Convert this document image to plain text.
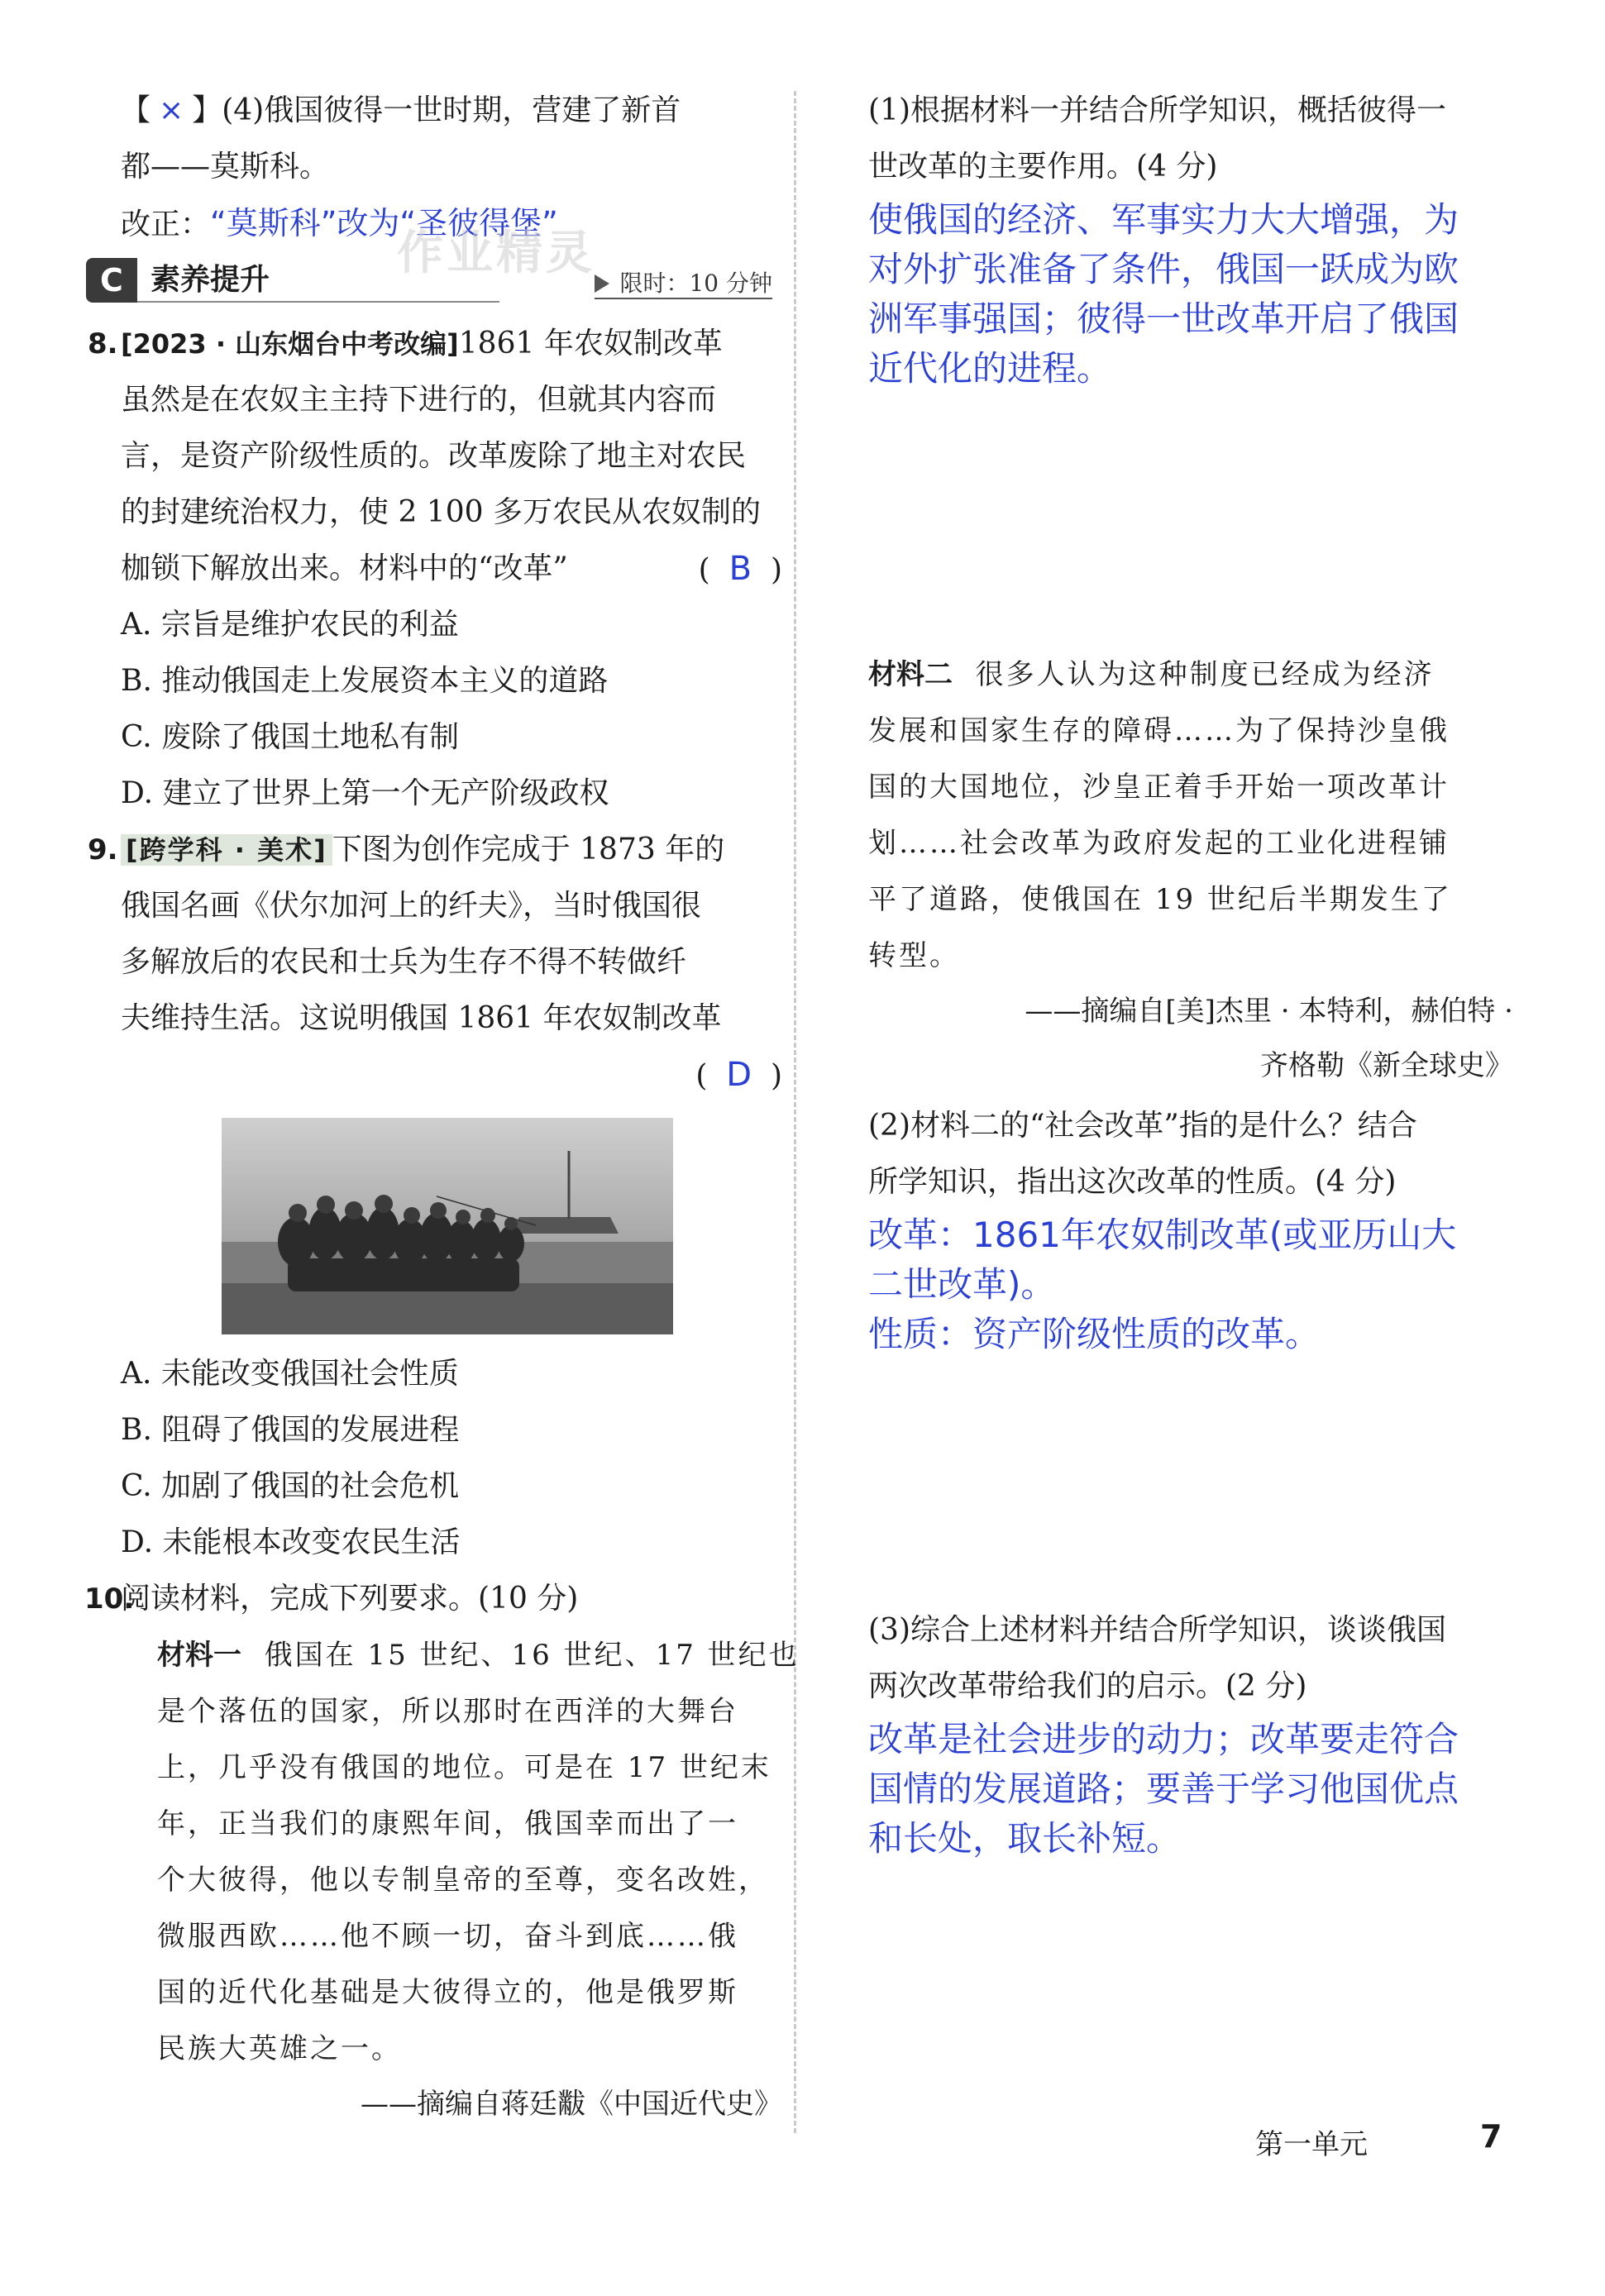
【 × 】(4)俄国彼得一世时期，营建了新首
都——莫斯科。
改正：“莫斯科”改为“圣彼得堡”
作业精灵
C 素养提升	限时：10 分钟
8. [2023 · 山东烟台中考改编]1861 年农奴制改革
虽然是在农奴主主持下进行的，但就其内容而
言，是资产阶级性质的。改革废除了地主对农民
的封建统治权力，使 2 100 多万农民从农奴制的
枷锁下解放出来。材料中的“改革”	(  B  )
A. 宗旨是维护农民的利益
B. 推动俄国走上发展资本主义的道路
C. 废除了俄国土地私有制
D. 建立了世界上第一个无产阶级政权
9. [跨学科 · 美术] 下图为创作完成于 1873 年的
俄国名画《伏尔加河上的纤夫》，当时俄国很
多解放后的农民和士兵为生存不得不转做纤
夫维持生活。这说明俄国 1861 年农奴制改革
(  D  )
A. 未能改变俄国社会性质
B. 阻碍了俄国的发展进程
C. 加剧了俄国的社会危机
D. 未能根本改变农民生活
10.阅读材料，完成下列要求。(10 分)
材料一 俄国在 15 世纪、16 世纪、17 世纪也
是个落伍的国家，所以那时在西洋的大舞台
上，几乎没有俄国的地位。可是在 17 世纪末
年，正当我们的康熙年间，俄国幸而出了一
个大彼得，他以专制皇帝的至尊，变名改姓，
微服西欧……他不顾一切，奋斗到底……俄
国的近代化基础是大彼得立的，他是俄罗斯
民族大英雄之一。
——摘编自蒋廷黻《中国近代史》
(1)根据材料一并结合所学知识，概括彼得一
世改革的主要作用。(4 分)
使俄国的经济、军事实力大大增强，为
对外扩张准备了条件，俄国一跃成为欧
洲军事强国；彼得一世改革开启了俄国
近代化的进程。
材料二 很多人认为这种制度已经成为经济
发展和国家生存的障碍……为了保持沙皇俄
国的大国地位，沙皇正着手开始一项改革计
划……社会改革为政府发起的工业化进程铺
平了道路，使俄国在 19 世纪后半期发生了
转型。
——摘编自[美]杰里 · 本特利，赫伯特 ·
齐格勒《新全球史》
(2)材料二的“社会改革”指的是什么？结合
所学知识，指出这次改革的性质。(4 分)
改革：1861年农奴制改革(或亚历山大
二世改革)。
性质：资产阶级性质的改革。
(3)综合上述材料并结合所学知识，谈谈俄国
两次改革带给我们的启示。(2 分)
改革是社会进步的动力；改革要走符合
国情的发展道路；要善于学习他国优点
和长处，取长补短。
第一单元	7
